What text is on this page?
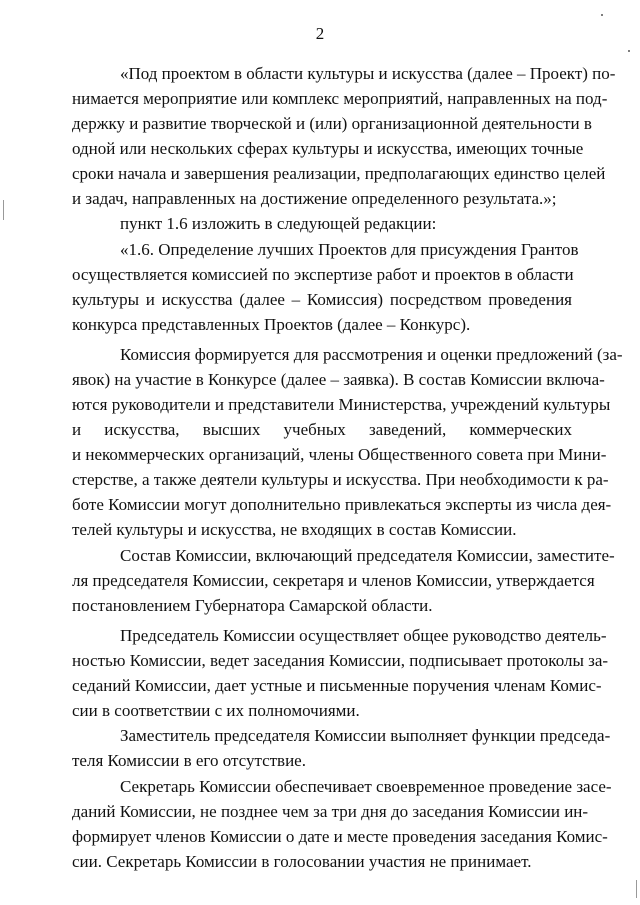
2
«Под проектом в области культуры и искусства (далее – Проект) по-
нимается мероприятие или комплекс мероприятий, направленных на под-
держку и развитие творческой и (или) организационной деятельности в
одной или нескольких сферах культуры и искусства, имеющих точные
сроки начала и завершения реализации, предполагающих единство целей
и задач, направленных на достижение определенного результата.»;
пункт 1.6 изложить в следующей редакции:
«1.6. Определение лучших Проектов для присуждения Грантов
осуществляется комиссией по экспертизе работ и проектов в области
культуры и искусства (далее – Комиссия) посредством проведения
конкурса представленных Проектов (далее – Конкурс).
Комиссия формируется для рассмотрения и оценки предложений (за-
явок) на участие в Конкурсе (далее – заявка). В состав Комиссии включа-
ются руководители и представители Министерства, учреждений культуры
и искусства, высших учебных заведений, коммерческих
и некоммерческих организаций, члены Общественного совета при Мини-
стерстве, а также деятели культуры и искусства. При необходимости к ра-
боте Комиссии могут дополнительно привлекаться эксперты из числа дея-
телей культуры и искусства, не входящих в состав Комиссии.
Состав Комиссии, включающий председателя Комиссии, заместите-
ля председателя Комиссии, секретаря и членов Комиссии, утверждается
постановлением Губернатора Самарской области.
Председатель Комиссии осуществляет общее руководство деятель-
ностью Комиссии, ведет заседания Комиссии, подписывает протоколы за-
седаний Комиссии, дает устные и письменные поручения членам Комис-
сии в соответствии с их полномочиями.
Заместитель председателя Комиссии выполняет функции председа-
теля Комиссии в его отсутствие.
Секретарь Комиссии обеспечивает своевременное проведение засе-
даний Комиссии, не позднее чем за три дня до заседания Комиссии ин-
формирует членов Комиссии о дате и месте проведения заседания Комис-
сии. Секретарь Комиссии в голосовании участия не принимает.
